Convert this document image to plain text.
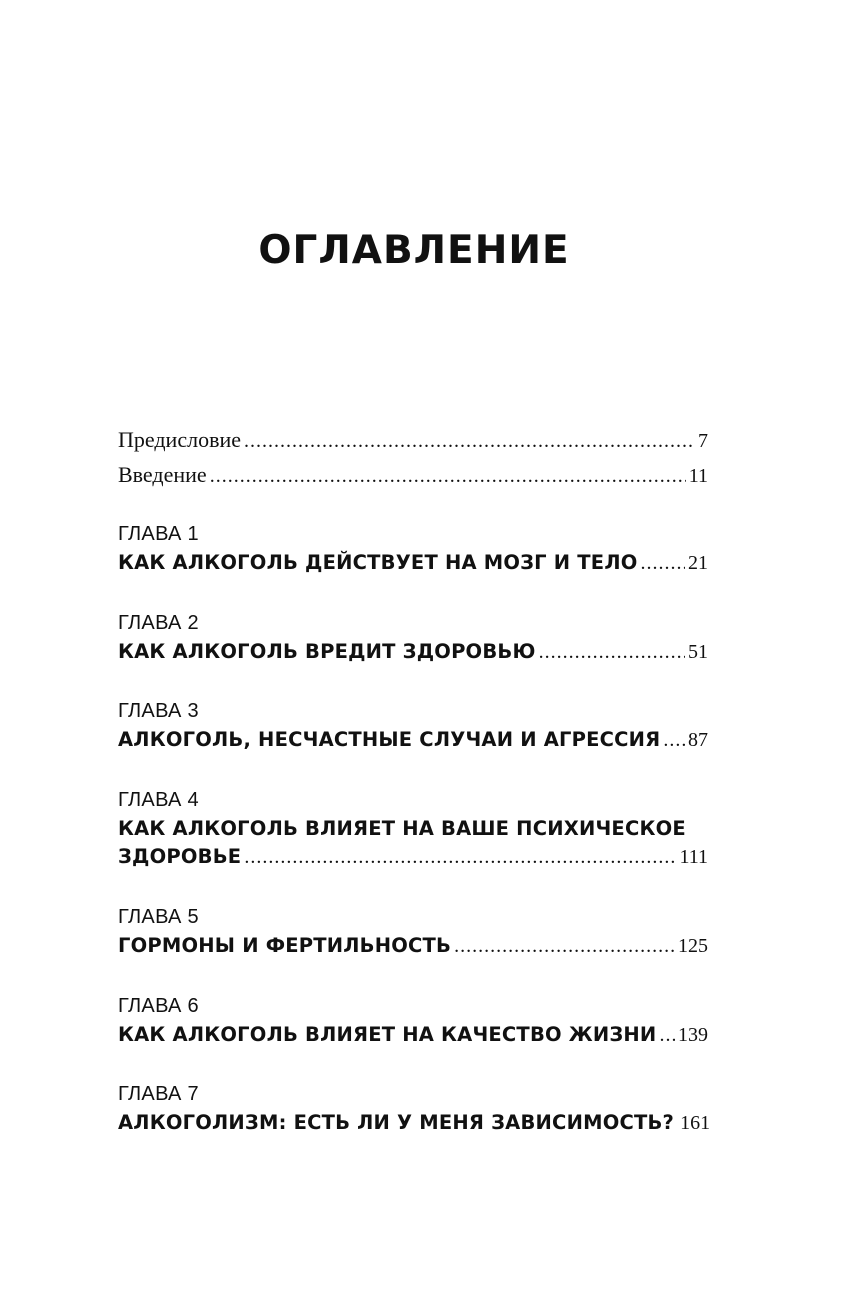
ОГЛАВЛЕНИЕ
Предисловие .....	7
Введение .....	11
ГЛАВА 1
КАК АЛКОГОЛЬ ДЕЙСТВУЕТ НА МОЗГ И ТЕЛО .....	21
ГЛАВА 2
КАК АЛКОГОЛЬ ВРЕДИТ ЗДОРОВЬЮ .....	51
ГЛАВА 3
АЛКОГОЛЬ, НЕСЧАСТНЫЕ СЛУЧАИ И АГРЕССИЯ ..... 87
ГЛАВА 4
КАК АЛКОГОЛЬ ВЛИЯЕТ НА ВАШЕ ПСИХИЧЕСКОЕ
ЗДОРОВЬЕ .....	111
ГЛАВА 5
ГОРМОНЫ И ФЕРТИЛЬНОСТЬ .....	125
ГЛАВА 6
КАК АЛКОГОЛЬ ВЛИЯЕТ НА КАЧЕСТВО ЖИЗНИ ..... 139
ГЛАВА 7
АЛКОГОЛИЗМ: ЕСТЬ ЛИ У МЕНЯ ЗАВИСИМОСТЬ? 161
